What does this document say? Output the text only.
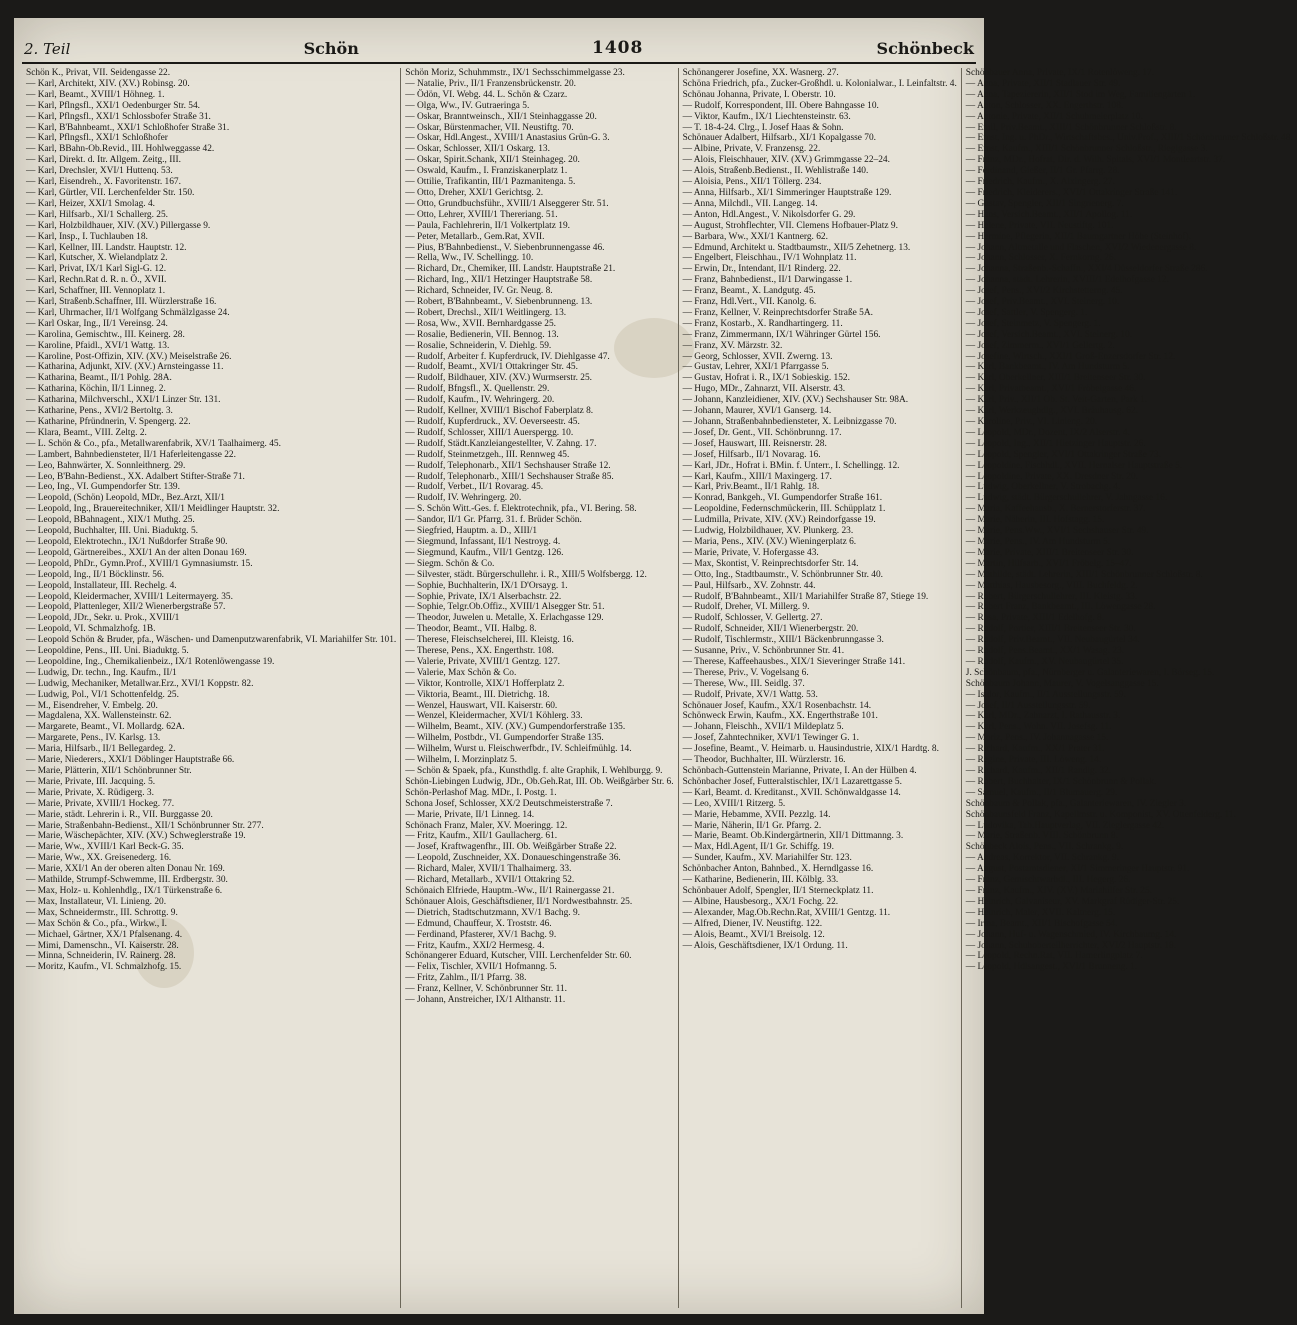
2. Teil	Schön	1408	Schönbeck
Schön K., Privat, VII. Seidengasse 22.
— Karl, Architekt, XIV. (XV.) Robinsg. 20.
— Karl, Beamt., XVIII/1 Höhneg. 1.
— Karl, Pflngsfl., XXI/1 Oedenburger Str. 54.
— Karl, Pflngsfl., XXI/1 Schlossbofer Straße 31.
— Karl, B'Bahnbeamt., XXI/1 Schloßhofer Straße 31.
— Karl, Pflngsfl., XXI/1 Schloßhofer
— Karl, BBahn-Ob.Revid., III. Hohlweggasse 42.
— Karl, Direkt. d. Itr. Allgem. Zeitg., III.
— Karl, Drechsler, XVI/1 Huttenq. 53.
— Karl, Eisendreh., X. Favoritenstr. 167.
— Karl, Gürtler, VII. Lerchenfelder Str. 150.
— Karl, Heizer, XXI/1 Smolag. 4.
— Karl, Hilfsarb., XI/1 Schallerg. 25.
— Karl, Holzbildhauer, XIV. (XV.) Pillergasse 9.
— Karl, Insp., I. Tuchlauben 18.
— Karl, Kellner, III. Landstr. Hauptstr. 12.
— Karl, Kutscher, X. Wielandplatz 2.
— Karl, Privat, IX/1 Karl Sigl-G. 12.
— Karl, Rechn.Rat d. R. n. Ö., XVII.
— Karl, Schaffner, III. Vennoplatz 1.
— Karl, Straßenb.Schaffner, III. Würzlerstraße 16.
— Karl, Uhrmacher, II/1 Wolfgang Schmälzlgasse 24.
— Karl Oskar, Ing., II/1 Vereinsg. 24.
— Karolina, Gemischtw., III. Keinerg. 28.
— Karoline, Pfaidl., XVI/1 Wattg. 13.
— Karoline, Post-Offizin, XIV. (XV.) Meiselstraße 26.
— Katharina, Adjunkt, XIV. (XV.) Arnsteingasse 11.
— Katharina, Beamt., II/1 Pohlg. 28A.
— Katharina, Köchin, II/1 Linneg. 2.
— Katharina, Milchverschl., XXI/1 Linzer Str. 131.
— Katharine, Pens., XVI/2 Bertoltg. 3.
— Katharine, Pfründnerin, V. Spengerg. 22.
— Klara, Beamt., VIII. Zeltg. 2.
— L. Schön & Co., pfa., Metallwarenfabrik, XV/1 Taalhaimerg. 45.
— Lambert, Bahnbediensteter, II/1 Haferleitengasse 22.
— Leo, Bahnwärter, X. Sonnleithnerg. 29.
— Leo, B'Bahn-Bedienst., XX. Adalbert Stifter-Straße 71.
— Leo, Ing., VI. Gumpendorfer Str. 139.
— Leopold, (Schön) Leopold, MDr., Bez.Arzt, XII/1
— Leopold, Ing., Brauereitechniker, XII/1 Meidlinger Hauptstr. 32.
— Leopold, BBahnagent., XIX/1 Muthg. 25.
— Leopold, Buchhalter, III. Uni. Biaduktg. 5.
— Leopold, Elektrotechn., IX/1 Nußdorfer Straße 90.
— Leopold, Gärtnereibes., XXI/1 An der alten Donau 169.
— Leopold, PhDr., Gymn.Prof., XVIII/1 Gymnasiumstr. 15.
— Leopold, Ing., II/1 Böcklinstr. 56.
— Leopold, Installateur, III. Rechelg. 4.
— Leopold, Kleidermacher, XVIII/1 Leitermayerg. 35.
— Leopold, Plattenleger, XII/2 Wienerbergstraße 57.
— Leopold, JDr., Sekr. u. Prok., XVIII/1
— Leopold, VI. Schmalzhofg. 1B.
— Leopold Schön & Bruder, pfa., Wäschen- und Damenputzwarenfabrik, VI. Mariahilfer Str. 101.
— Leopoldine, Pens., III. Uni. Biaduktg. 5.
— Leopoldine, Ing., Chemikalienbeiz., IX/1 Rotenlöwengasse 19.
— Ludwig, Dr. techn., Ing. Kaufm., II/1
— Ludwig, Mechaniker, Metallwar.Erz., XVI/1 Koppstr. 82.
— Ludwig, Pol., VI/1 Schottenfeldg. 25.
— M., Eisendreher, V. Embelg. 20.
— Magdalena, XX. Wallensteinstr. 62.
— Margarete, Beamt., VI. Mollardg. 62A.
— Margarete, Pens., IV. Karlsg. 13.
— Maria, Hilfsarb., II/1 Bellegardeg. 2.
— Marie, Niederers., XXI/1 Döblinger Hauptstraße 66.
— Marie, Plätterin, XII/1 Schönbrunner Str.
— Marie, Private, III. Jacquing. 5.
— Marie, Private, X. Rüdigerg. 3.
— Marie, Private, XVIII/1 Hockeg. 77.
— Marie, städt. Lehrerin i. R., VII. Burggasse 20.
— Marie, Straßenbahn-Bedienst., XII/1 Schönbrunner Str. 277.
— Marie, Wäschepächter, XIV. (XV.) Schweglerstraße 19.
— Marie, Ww., XVIII/1 Karl Beck-G. 35.
— Marie, Ww., XX. Greisenederg. 16.
— Marie, XXI/1 An der oberen alten Donau Nr. 169.
— Mathilde, Strumpf-Schwemme, III. Erdbergstr. 30.
— Max, Holz- u. Kohlenhdlg., IX/1 Türkenstraße 6.
— Max, Installateur, VI. Linieng. 20.
— Max, Schneidermstr., III. Schrottg. 9.
— Max Schön & Co., pfa., Wirkw., I.
— Michael, Gärtner, XX/1 Pfalsenang. 4.
— Mimi, Damenschn., VI. Kaiserstr. 28.
— Minna, Schneiderin, IV. Rainerg. 28.
— Moritz, Kaufm., VI. Schmalzhofg. 15.
Schön Moriz, Schuhmmstr., IX/1 Sechsschimmelgasse 23.
— Natalie, Priv., II/1 Franzensbrückenstr. 20.
— Ödön, VI. Webg. 44. L. Schön & Czarz.
— Olga, Ww., IV. Gutraeringa 5.
— Oskar, Branntweinsch., XII/1 Steinhaggasse 20.
— Oskar, Bürstenmacher, VII. Neustiftg. 70.
— Oskar, Hdl.Angest., XVIII/1 Anastasius Grün-G. 3.
— Oskar, Schlosser, XII/1 Oskarg. 13.
— Oskar, Spirit.Schank, XII/1 Steinhageg. 20.
— Oswald, Kaufm., I. Franziskanerplatz 1.
— Ottilie, Trafikantin, III/1 Pazmanitenga. 5.
— Otto, Dreher, XXI/1 Gerichtsg. 2.
— Otto, Grundbuchsführ., XVIII/1 Alseggerer Str. 51.
— Otto, Lehrer, XVIII/1 Thereriang. 51.
— Paula, Fachlehrerin, II/1 Volkertplatz 19.
— Peter, Metallarb., Gem.Rat, XVII.
— Pius, B'Bahnbedienst., V. Siebenbrunnengasse 46.
— Rella, Ww., IV. Schellingg. 10.
— Richard, Dr., Chemiker, III. Landstr. Hauptstraße 21.
— Richard, Ing., XII/1 Hetzinger Hauptstraße 58.
— Richard, Schneider, IV. Gr. Neug. 8.
— Robert, B'Bahnbeamt., V. Siebenbrunneng. 13.
— Robert, Drechsl., XII/1 Weitlingerg. 13.
— Rosa, Ww., XVII. Bernhardgasse 25.
— Rosalie, Bedienerin, VII. Bennog. 13.
— Rosalie, Schneiderin, V. Diehlg. 59.
— Rudolf, Arbeiter f. Kupferdruck, IV. Diehlgasse 47.
— Rudolf, Beamt., XVI/1 Ottakringer Str. 45.
— Rudolf, Bildhauer, XIV. (XV.) Wurmserstr. 25.
— Rudolf, Bfngsfl., X. Quellenstr. 29.
— Rudolf, Kaufm., IV. Wehringerg. 20.
— Rudolf, Kellner, XVIII/1 Bischof Faberplatz 8.
— Rudolf, Kupferdruck., XV. Oeverseestr. 45.
— Rudolf, Schlosser, XIII/1 Auerspergg. 10.
— Rudolf, Städt.Kanzleiangestellter, V. Zahng. 17.
— Rudolf, Steinmetzgeh., III. Rennweg 45.
— Rudolf, Telephonarb., XII/1 Sechshauser Straße 12.
— Rudolf, Telephonarb., XIII/1 Sechshauser Straße 85.
— Rudolf, Verbet., II/1 Rovarag. 45.
— Rudolf, IV. Wehringerg. 20.
— S. Schön Witt.-Ges. f. Elektrotechnik, pfa., VI. Bering. 58.
— Sandor, II/1 Gr. Pfarrg. 31. f. Brüder Schön.
— Siegfried, Hauptm. a. D., XIII/1
— Siegmund, Infassant, II/1 Nestroyg. 4.
— Siegmund, Kaufm., VII/1 Gentzg. 126.
— Siegm. Schön & Co.
— Silvester, städt. Bürgerschullehr. i. R., XIII/5 Wolfsbergg. 12.
— Sophie, Buchhalterin, IX/1 D'Orsayg. 1.
— Sophie, Private, IX/1 Alserbachstr. 22.
— Sophie, Telgr.Ob.Offiz., XVIII/1 Alsegger Str. 51.
— Theodor, Juwelen u. Metalle, X. Erlachgasse 129.
— Theodor, Beamt., VII. Halbg. 8.
— Therese, Fleischselcherei, III. Kleistg. 16.
— Therese, Pens., XX. Engerthstr. 108.
— Valerie, Private, XVIII/1 Gentzg. 127.
— Valerie, Max Schön & Co.
— Viktor, Kontrolle, XIX/1 Hofferplatz 2.
— Viktoria, Beamt., III. Dietrichg. 18.
— Wenzel, Hauswart, VII. Kaiserstr. 60.
— Wenzel, Kleidermacher, XVI/1 Köhlerg. 33.
— Wilhelm, Beamt., XIV. (XV.) Gumpendorferstraße 135.
— Wilhelm, Postbdr., VI. Gumpendorfer Straße 135.
— Wilhelm, Wurst u. Fleischwerfbdr., IV. Schleifmühlg. 14.
— Wilhelm, I. Morzinplatz 5.
— Schön & Spaek, pfa., Kunsthdlg. f. alte Graphik, I. Wehlburgg. 9.
Schön-Liebingen Ludwig, JDr., Ob.Geh.Rat, III. Ob. Weißgärber Str. 6.
Schön-Perlashof Mag. MDr., I. Postg. 1.
Schona Josef, Schlosser, XX/2 Deutschmeisterstraße 7.
— Marie, Private, II/1 Linneg. 14.
Schönach Franz, Maler, XV. Moeringg. 12.
— Fritz, Kaufm., XII/1 Gaullacherg. 61.
— Josef, Kraftwagenfhr., III. Ob. Weißgärber Straße 22.
— Leopold, Zuschneider, XX. Donaueschingenstraße 36.
— Richard, Maler, XVII/1 Thalhaimerg. 33.
— Richard, Metallarb., XVII/1 Ottakring 52.
Schönaich Elfriede, Hauptm.-Ww., II/1 Rainergasse 21.
Schönauer Alois, Geschäftsdiener, II/1 Nordwestbahnstr. 25.
— Dietrich, Stadtschutzmann, XV/1 Bachg. 9.
— Edmund, Chauffeur, X. Troststr. 46.
— Ferdinand, Pfasterer, XV/1 Bachg. 9.
— Fritz, Kaufm., XXI/2 Hermesg. 4.
Schönangerer Eduard, Kutscher, VIII. Lerchenfelder Str. 60.
— Felix, Tischler, XVII/1 Hofmanng. 5.
— Fritz, Zahlm., II/1 Pfarrg. 38.
— Franz, Kellner, V. Schönbrunner Str. 11.
— Johann, Anstreicher, IX/1 Althanstr. 11.
Schönangerer Josefine, XX. Wasnerg. 27.
Schöna Friedrich, pfa., Zucker-Großhdl. u. Kolonialwar., I. Leinfaltstr. 4.
Schönau Johanna, Private, I. Oberstr. 10.
— Rudolf, Korrespondent, III. Obere Bahngasse 10.
— Viktor, Kaufm., IX/1 Liechtensteinstr. 63.
— T. 18-4-24. Clrg., I. Josef Haas & Sohn.
Schönauer Adalbert, Hilfsarb., XI/1 Kopalgasse 70.
— Albine, Private, V. Franzensg. 22.
— Alois, Fleischhauer, XIV. (XV.) Grimmgasse 22–24.
— Alois, Straßenb.Bedienst., II. Wehlistraße 140.
— Aloisia, Pens., XII/1 Töllerg. 234.
— Anna, Hilfsarb., XI/1 Simmeringer Hauptstraße 129.
— Anna, Milchdl., VII. Langeg. 14.
— Anton, Hdl.Angest., V. Nikolsdorfer G. 29.
— August, Strohflechter, VII. Clemens Hofbauer-Platz 9.
— Barbara, Ww., XXI/1 Kantnerg. 62.
— Edmund, Architekt u. Stadtbaumstr., XII/5 Zehetnerg. 13.
— Engelbert, Fleischhau., IV/1 Wohnplatz 11.
— Erwin, Dr., Intendant, II/1 Rinderg. 22.
— Franz, Bahnbedienst., II/1 Darwingasse 1.
— Franz, Beamt., X. Landgutg. 45.
— Franz, Hdl.Vert., VII. Kanolg. 6.
— Franz, Kellner, V. Reinprechtsdorfer Straße 5A.
— Franz, Kostarb., X. Randhartingerg. 11.
— Franz, Zimmermann, IX/1 Währinger Gürtel 156.
— Franz, XV. Märzstr. 32.
— Georg, Schlosser, XVII. Zwerng. 13.
— Gustav, Lehrer, XXI/1 Pfarrgasse 5.
— Gustav, Hofrat i. R., IX/1 Sobieskig. 152.
— Hugo, MDr., Zahnarzt, VII. Alserstr. 43.
— Johann, Kanzleidiener, XIV. (XV.) Sechshauser Str. 98A.
— Johann, Maurer, XVI/1 Ganserg. 14.
— Johann, Straßenbahnbediensteter, X. Leibnizgasse 70.
— Josef, Dr. Gent., VII. Schönbrunng. 17.
— Josef, Hauswart, III. Reisnerstr. 28.
— Josef, Hilfsarb., II/1 Novarag. 16.
— Karl, JDr., Hofrat i. BMin. f. Unterr., I. Schellingg. 12.
— Karl, Kaufm., XIII/1 Maxingerg. 17.
— Karl, Priv.Beamt., II/1 Rahlg. 18.
— Konrad, Bankgeh., VI. Gumpendorfer Straße 161.
— Leopoldine, Federnschmückerin, III. Schüpplatz 1.
— Ludmilla, Private, XIV. (XV.) Reindorfgasse 19.
— Ludwig, Holzbildhauer, XV. Plunkerg. 23.
— Maria, Pens., XIV. (XV.) Wieningerplatz 6.
— Marie, Private, V. Hofergasse 43.
— Max, Skontist, V. Reinprechtsdorfer Str. 14.
— Otto, Ing., Stadtbaumstr., V. Schönbrunner Str. 40.
— Paul, Hilfsarb., XV. Zohnstr. 44.
— Rudolf, B'Bahnbeamt., XII/1 Mariahilfer Straße 87, Stiege 19.
— Rudolf, Dreher, VI. Millerg. 9.
— Rudolf, Schlosser, V. Gellertg. 27.
— Rudolf, Schneider, XII/1 Wienerbergstr. 20.
— Rudolf, Tischlermstr., XIII/1 Bäckenbrunngasse 3.
— Susanne, Priv., V. Schönbrunner Str. 41.
— Therese, Kaffeehausbes., XIX/1 Sieveringer Straße 141.
— Therese, Priv., V. Vogelsang 6.
— Therese, Ww., III. Seidlg. 37.
— Rudolf, Private, XV/1 Wattg. 53.
Schönauer Josef, Kaufm., XX/1 Rosenbachstr. 14.
Schönweck Erwin, Kaufm., XX. Engerthstraße 101.
— Johann, Fleischh., XVII/1 Mildeplatz 5.
— Josef, Zahntechniker, XVI/1 Tewinger G. 1.
— Josefine, Beamt., V. Heimarb. u. Hausindustrie, XIX/1 Hardtg. 8.
— Theodor, Buchhalter, III. Würzlerstr. 16.
Schönbach-Guttenstein Marianne, Private, I. An der Hülben 4.
Schönbacher Josef, Futteralstischler, IX/1 Lazarettgasse 5.
— Karl, Beamt. d. Kreditanst., XVII. Schönwaldgasse 14.
— Leo, XVIII/1 Ritzerg. 5.
— Marie, Hebamme, XVII. Pezzlg. 14.
— Marie, Näherin, II/1 Gr. Pfarrg. 2.
— Marie, Beamt. Ob.Kindergärtnerin, XII/1 Dittmanng. 3.
— Max, Hdl.Agent, II/1 Gr. Schiffg. 19.
— Sunder, Kaufm., XV. Mariahilfer Str. 123.
Schönbacher Anton, Bahnbed., X. Herndlgasse 16.
— Katharine, Bedienerin, III. Kölblg. 33.
Schönbauer Adolf, Spengler, II/1 Sterneckplatz 11.
— Albine, Hausbesorg., XX/1 Fochg. 22.
— Alexander, Mag.Ob.Rechn.Rat, XVIII/1 Gentzg. 11.
— Alfred, Diener, IV. Neustiftg. 122.
— Alois, Beamt., XVI/1 Breisolg. 12.
— Alois, Geschäftsdiener, IX/1 Ordung. 11.
Schönbauer Anna, Private, IX/1 Rotenlöweng. 17.
— Anna, Private, XII/1 Stadlauer Str. 49.
— Anna, Tapeziererin, XII/1 Stod im Weg, Familiengärten 1.
— Anton, Schlosser, XX. Engerthstr. 108.
— Antonie, Private, XII/1 Schuhmeierplatz 10.
— Emil, Priv.Beamt., XIII/1 Schönbrunner Schloßstr. 8.
— Ernst, Ing. u. PhDr., Wirtschaftsbes., Univ.Prof., XIII/1 Schönbrunner Schloßstr. 48.
— Ernst, Kaufm., XIII/1 Schönbrunner Schloßstr., Rieglgasse 3.
— Franz, MDr., Hofrat, Dir. d. Wilh. Spitals, XVI/1 Montleartstr. 37.
— Ferdinand, Gießer, II/1 Gr. Pfarrg. 28.
— Friedrich, Kaufm., X. Alxingerg. 27.
— Friedrich, Kleiderers., XVI/1 Ottakringer Straße 141.
— Gustav, Spengler, XII/1 Singrienerg. 7.
— Hans, Versich.Beamt., XII/1 Apollog. 11.
— Helene, Private, VII. Neustiftg. 101.
— Hermine, Pflegerin, XII/1 Baumgartner Höhe (Steinhof).
— Johann, Altmetalle und Flaschen, XVI/2 Wiedenergasse 8.
— Johann, Schlosser, X. Fernkorng. 26.
— Johanna, Straßenb.-Schaffn., XXI/4 Düsseldorfer Straße 286.
— Johanna, städt. Lehrerin, XVIII/1 Edelhofgasse 12.
— Josef, Pens., XVI/2 Kirchstetterng. 45.
— Josef, Priv.Beamt., XVI. Steinerg. 10.
— Josef, Sattler, V. Spengerg. 1.
— Josef, Steinmetz, V. Spengerg. 1.
— Josef, Versich.Beamt., XVI. Steinerg. 10.
— Josef, Zimmerm., XVI/1 Gellertg. 2.
— Josefine, Wirtsch., XXI/1 Groß-Enzersdorfer Str. 12.
— Karl, Bankbeamt., IV. Am Hundsturm 5.
— Karl, Oberkellner, XIII/1 Breitenseer Str. 30.
— Karl, Privatbeamt., XVI/1 Fröbelgasse 46.
— Karl, Priv., XII/1 Ob. St. Veit-Garten, Park 1.
— Karl, Werkzeughdlg., XVI. Bräuhausg. 62.
— Karoline, Priv., VI. Linieng. 20.
— Leopold, MDr., Dozent, IX/2 Alserstr. 4.
— Leopold, Ing., XII/1 Hietzinger Hauptstr. 26.
— Leopold, Spengler, XVI/1 Ottakringer Straße 73.
— Leopoldine, Fischhdl., XVII. Hernalser Hauptstraße 5.
— Leopoldine, Private, XX. Dresdner Str. 20.
— Ludwig, Oberkellner, V. Strobachg. 4.
— Ludwig, städt. Bürgerschullehrer, V. Jahngasse 16.
— Maria, Kaffeehausb., X. Bernerstorferstr. 37.
— Marie, Näherin, III. Hofstagg. 15.
— Marie, Pens.Ww., XVI/1 Sechshauser Str. 49.
— Marie, Pens., IV. Am Hundsturm 5.
— Marie, Private, XIII/1 Breitenseer Str. 30.
— Martin, Hilfsarb., XVI/1 Fröbelg. 15–47.
— Mathilde, städt. Lehrerin, XIII/1 Schönbrunner Schloßstr. 8.
— Matthias, Hausbesorg., VIII. Buchfeldg. 2.
— Robert, Bürgerschullehrer, III. Kleistg. 33.
— Robert Franz, Bankbeamt., III. Löwengasse 28.
— Rosa, Private, XIII/1 Edelhofg. 8.
— Rudolf, Portier, XIII/1 Breitenseer Str. 30.
— Rudolf, Priv.Beamt., VII. Neubaugürtel 34.
— Rudolf, Pens.Beamt., XX/1 Wasag. 23.
— Rudolf, Kaufm., XV. Neubaugürtel 35.
J. Schönbaum, pfa., Nürnberger u. Galanteriewaren, I. Börseg. 15.
Schönbaum Johann, Maurer, V. Vogelsanggasse 15.
— Isidor, Kaufm., II/1 Ausstellungsstr. 59.
— Josef, II/1 Ausstellungsstr. 59.
— Karl, MDr., Zahnarzt, I. Rathausstr. 3.
— Karl, Pens., Wohn. VII. Josefsg. 11.
— Moriz, Pens., IV. Johannagasse 15.
— Richard, Kaufm., XX/1 Prater 31.
— Regine, Private, III. Löweng. 14.
— Richard, Kaufm., XII/1 Randlg. 32.
— Robert, Buchhalter, IX/1 Schönbrunn & Pollak.
— Samuel, Kaufm., II/1 Blumauerg. 29.
Schönbaum & Pollak, pfa., Galanteriewaren, IV. Ziegler 3.
Schönbaunsfeld Franz, Kapellmstr. u. Komponist, XV. Ottenfelderg. 11.
— Ludovika, Tab.Hauptverlag, VII. Zieglergasse 42.
— Marie, Straßenb. VIII. Schönbrunn 8.
Schönbeck Alois, Pens., VII. Schrankg. 9.
— Andreas, Korrektor, VII. Schrankg. 9.
— August, Postamtsdiener, XI/1 Simmeringer Hauptstr. 91.
— Franz, Gemischtwarhdl., III. Hegerg. 26.
— Franz, Kaufm., XIV. (XV.) Mariahilfer Str. 25.
— Heinrich, Galvaniseur, XV. Markgraf Rüdiger-Str. 25.
— Heinrich, Maler, XVII. Kaltnerg. 15.
— Irma, Beamt., XII/1 Bischofgasse 54.
— Johann, Huf- u. Wagenschmied, IV. Kirchbaumg. 14.
— Johann, Schuhoberteilherrichter, XVI/2 Hauptstr. 18.
— Leopold, Rechn.Rat, VII. Hamerlingplatz 7.
— Leopold, Hdlsangest., XVI/1 Brunneng. 1.
